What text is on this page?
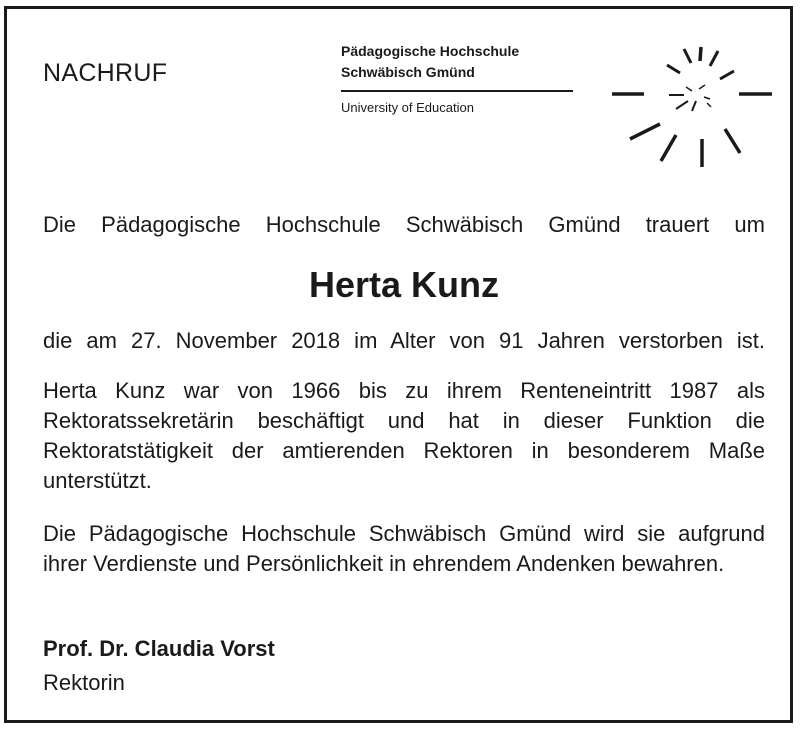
NACHRUF
Pädagogische Hochschule
Schwäbisch Gmünd
University of Education

Die Pädagogische Hochschule Schwäbisch Gmünd trauert um

Herta Kunz

die am 27. November 2018 im Alter von 91 Jahren verstorben ist.

Herta Kunz war von 1966 bis zu ihrem Renteneintritt 1987 als Rektoratssekretärin beschäftigt und hat in dieser Funktion die Rektoratstätigkeit der amtierenden Rektoren in besonderem Maße unterstützt.

Die Pädagogische Hochschule Schwäbisch Gmünd wird sie aufgrund ihrer Verdienste und Persönlichkeit in ehrendem Andenken bewahren.

Prof. Dr. Claudia Vorst
Rektorin
